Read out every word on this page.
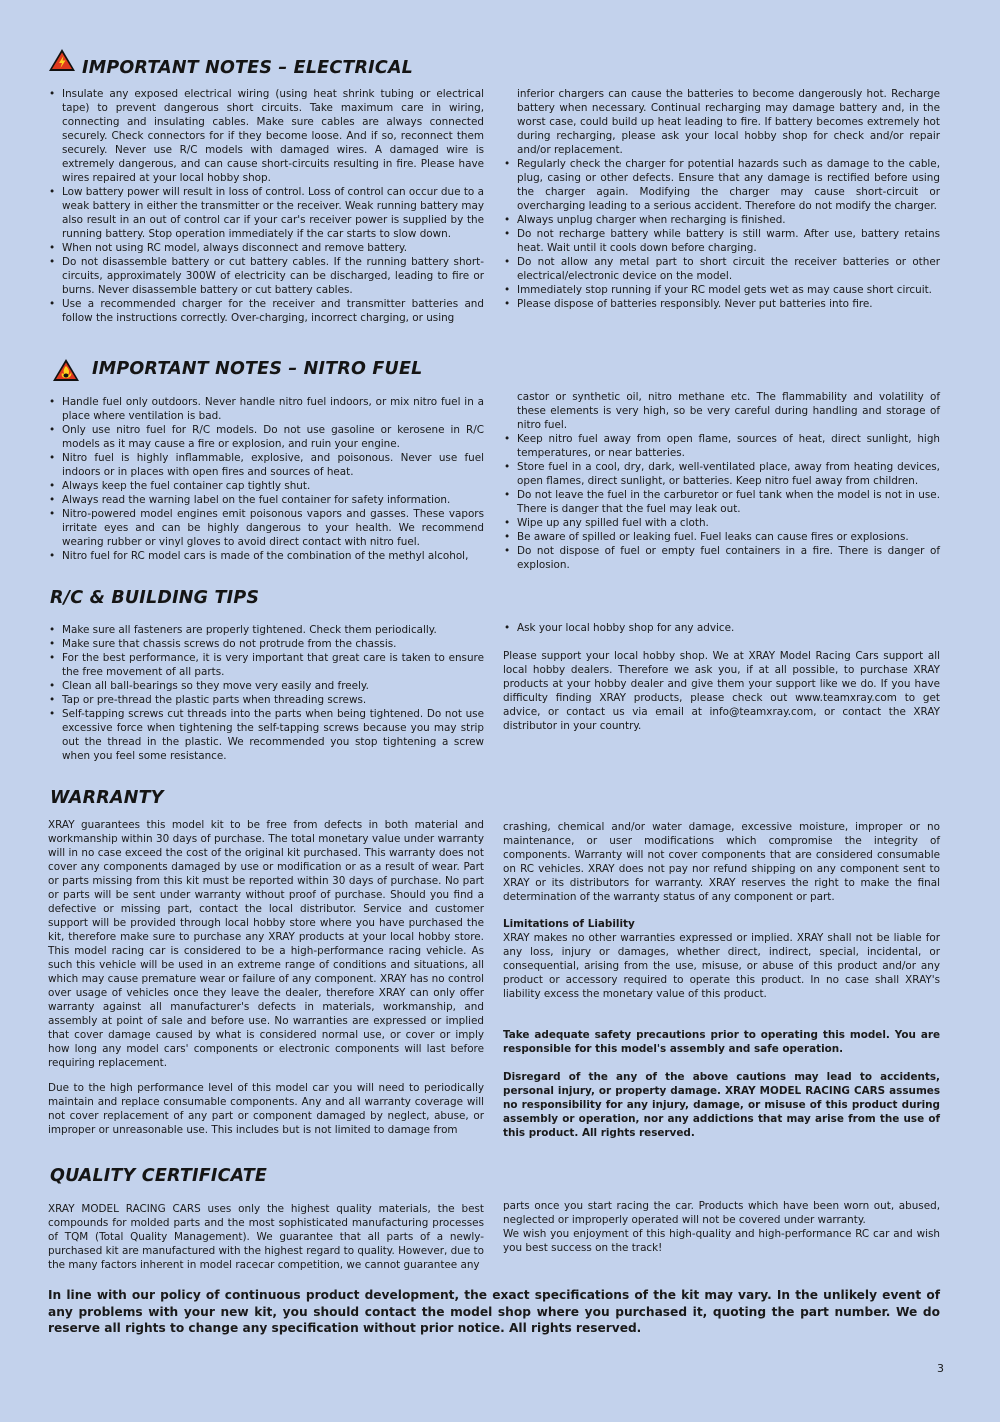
IMPORTANT NOTES – ELECTRICAL
• Insulate any exposed electrical wiring (using heat shrink tubing or electrical tape) to prevent dangerous short circuits. Take maximum care in wiring, connecting and insulating cables. Make sure cables are always connected securely. Check connectors for if they become loose. And if so, reconnect them securely. Never use R/C models with damaged wires. A damaged wire is extremely dangerous, and can cause short-circuits resulting in fire. Please have wires repaired at your local hobby shop.
• Low battery power will result in loss of control. Loss of control can occur due to a weak battery in either the transmitter or the receiver. Weak running battery may also result in an out of control car if your car's receiver power is supplied by the running battery. Stop operation immediately if the car starts to slow down.
• When not using RC model, always disconnect and remove battery.
• Do not disassemble battery or cut battery cables. If the running battery short-circuits, approximately 300W of electricity can be discharged, leading to fire or burns. Never disassemble battery or cut battery cables.
• Use a recommended charger for the receiver and transmitter batteries and follow the instructions correctly. Over-charging, incorrect charging, or using
inferior chargers can cause the batteries to become dangerously hot. Recharge battery when necessary. Continual recharging may damage battery and, in the worst case, could build up heat leading to fire. If battery becomes extremely hot during recharging, please ask your local hobby shop for check and/or repair and/or replacement.
• Regularly check the charger for potential hazards such as damage to the cable, plug, casing or other defects. Ensure that any damage is rectified before using the charger again. Modifying the charger may cause short-circuit or overcharging leading to a serious accident. Therefore do not modify the charger.
• Always unplug charger when recharging is finished.
• Do not recharge battery while battery is still warm. After use, battery retains heat. Wait until it cools down before charging.
• Do not allow any metal part to short circuit the receiver batteries or other electrical/electronic device on the model.
• Immediately stop running if your RC model gets wet as may cause short circuit.
• Please dispose of batteries responsibly. Never put batteries into fire.
IMPORTANT NOTES – NITRO FUEL
• Handle fuel only outdoors. Never handle nitro fuel indoors, or mix nitro fuel in a place where ventilation is bad.
• Only use nitro fuel for R/C models. Do not use gasoline or kerosene in R/C models as it may cause a fire or explosion, and ruin your engine.
• Nitro fuel is highly inflammable, explosive, and poisonous. Never use fuel indoors or in places with open fires and sources of heat.
• Always keep the fuel container cap tightly shut.
• Always read the warning label on the fuel container for safety information.
• Nitro-powered model engines emit poisonous vapors and gasses. These vapors irritate eyes and can be highly dangerous to your health. We recommend wearing rubber or vinyl gloves to avoid direct contact with nitro fuel.
• Nitro fuel for RC model cars is made of the combination of the methyl alcohol,
castor or synthetic oil, nitro methane etc. The flammability and volatility of these elements is very high, so be very careful during handling and storage of nitro fuel.
• Keep nitro fuel away from open flame, sources of heat, direct sunlight, high temperatures, or near batteries.
• Store fuel in a cool, dry, dark, well-ventilated place, away from heating devices, open flames, direct sunlight, or batteries. Keep nitro fuel away from children.
• Do not leave the fuel in the carburetor or fuel tank when the model is not in use. There is danger that the fuel may leak out.
• Wipe up any spilled fuel with a cloth.
• Be aware of spilled or leaking fuel. Fuel leaks can cause fires or explosions.
• Do not dispose of fuel or empty fuel containers in a fire. There is danger of explosion.
R/C & BUILDING TIPS
• Make sure all fasteners are properly tightened. Check them periodically.
• Make sure that chassis screws do not protrude from the chassis.
• For the best performance, it is very important that great care is taken to ensure the free movement of all parts.
• Clean all ball-bearings so they move very easily and freely.
• Tap or pre-thread the plastic parts when threading screws.
• Self-tapping screws cut threads into the parts when being tightened. Do not use excessive force when tightening the self-tapping screws because you may strip out the thread in the plastic. We recommended you stop tightening a screw when you feel some resistance.
• Ask your local hobby shop for any advice.

Please support your local hobby shop. We at XRAY Model Racing Cars support all local hobby dealers. Therefore we ask you, if at all possible, to purchase XRAY products at your hobby dealer and give them your support like we do. If you have difficulty finding XRAY products, please check out www.teamxray.com to get advice, or contact us via email at info@teamxray.com, or contact the XRAY distributor in your country.

WARRANTY

XRAY guarantees this model kit to be free from defects in both material and workmanship within 30 days of purchase. The total monetary value under warranty will in no case exceed the cost of the original kit purchased. This warranty does not cover any components damaged by use or modification or as a result of wear. Part or parts missing from this kit must be reported within 30 days of purchase. No part or parts will be sent under warranty without proof of purchase. Should you find a defective or missing part, contact the local distributor. Service and customer support will be provided through local hobby store where you have purchased the kit, therefore make sure to purchase any XRAY products at your local hobby store. This model racing car is considered to be a high-performance racing vehicle. As such this vehicle will be used in an extreme range of conditions and situations, all which may cause premature wear or failure of any component. XRAY has no control over usage of vehicles once they leave the dealer, therefore XRAY can only offer warranty against all manufacturer's defects in materials, workmanship, and assembly at point of sale and before use. No warranties are expressed or implied that cover damage caused by what is considered normal use, or cover or imply how long any model cars' components or electronic components will last before requiring replacement.

Due to the high performance level of this model car you will need to periodically maintain and replace consumable components. Any and all warranty coverage will not cover replacement of any part or component damaged by neglect, abuse, or improper or unreasonable use. This includes but is not limited to damage from

crashing, chemical and/or water damage, excessive moisture, improper or no maintenance, or user modifications which compromise the integrity of components. Warranty will not cover components that are considered consumable on RC vehicles. XRAY does not pay nor refund shipping on any component sent to XRAY or its distributors for warranty. XRAY reserves the right to make the final determination of the warranty status of any component or part.

Limitations of Liability

XRAY makes no other warranties expressed or implied. XRAY shall not be liable for any loss, injury or damages, whether direct, indirect, special, incidental, or consequential, arising from the use, misuse, or abuse of this product and/or any product or accessory required to operate this product. In no case shall XRAY's liability excess the monetary value of this product.

Take adequate safety precautions prior to operating this model. You are responsible for this model's assembly and safe operation.

Disregard of the any of the above cautions may lead to accidents, personal injury, or property damage. XRAY MODEL RACING CARS assumes no responsibility for any injury, damage, or misuse of this product during assembly or operation, nor any addictions that may arise from the use of this product. All rights reserved.

QUALITY CERTIFICATE

XRAY MODEL RACING CARS uses only the highest quality materials, the best compounds for molded parts and the most sophisticated manufacturing processes of TQM (Total Quality Management). We guarantee that all parts of a newly-purchased kit are manufactured with the highest regard to quality. However, due to the many factors inherent in model racecar competition, we cannot guarantee any

parts once you start racing the car. Products which have been worn out, abused, neglected or improperly operated will not be covered under warranty.
We wish you enjoyment of this high-quality and high-performance RC car and wish you best success on the track!

In line with our policy of continuous product development, the exact specifications of the kit may vary. In the unlikely event of any problems with your new kit, you should contact the model shop where you purchased it, quoting the part number. We do reserve all rights to change any specification without prior notice. All rights reserved.

3
